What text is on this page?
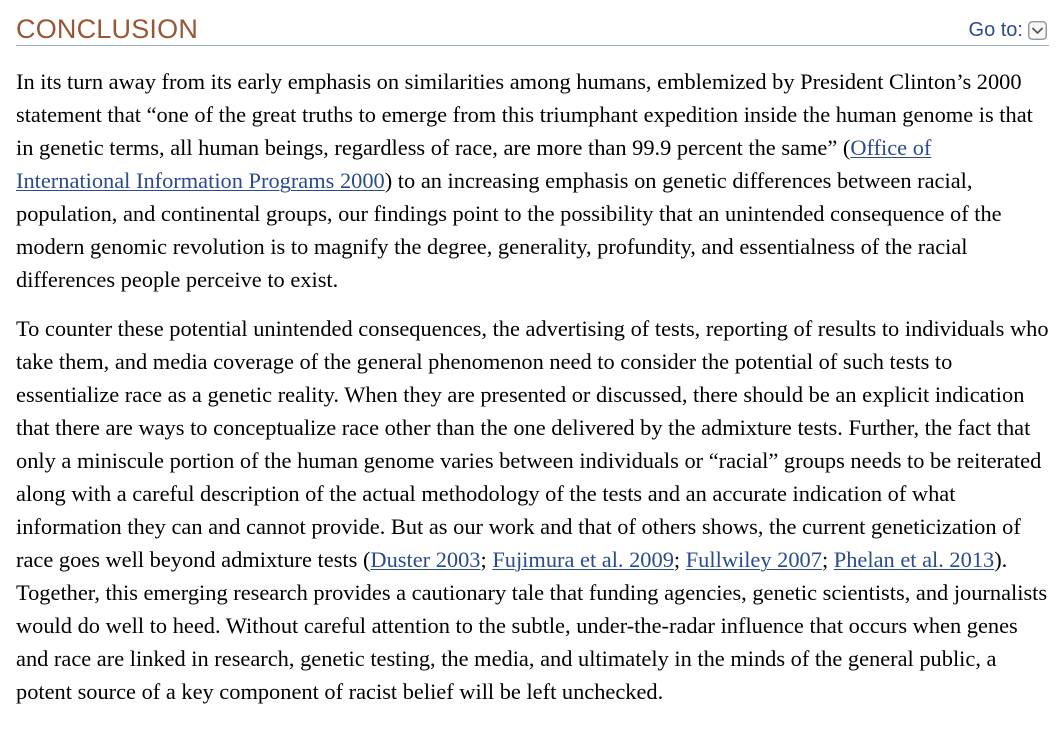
CONCLUSION	Go to:

In its turn away from its early emphasis on similarities among humans, emblemized by President Clinton’s 2000 statement that “one of the great truths to emerge from this triumphant expedition inside the human genome is that in genetic terms, all human beings, regardless of race, are more than 99.9 percent the same” (Office of International Information Programs 2000) to an increasing emphasis on genetic differences between racial, population, and continental groups, our findings point to the possibility that an unintended consequence of the modern genomic revolution is to magnify the degree, generality, profundity, and essentialness of the racial differences people perceive to exist.

To counter these potential unintended consequences, the advertising of tests, reporting of results to individuals who take them, and media coverage of the general phenomenon need to consider the potential of such tests to essentialize race as a genetic reality. When they are presented or discussed, there should be an explicit indication that there are ways to conceptualize race other than the one delivered by the admixture tests. Further, the fact that only a miniscule portion of the human genome varies between individuals or “racial” groups needs to be reiterated along with a careful description of the actual methodology of the tests and an accurate indication of what information they can and cannot provide. But as our work and that of others shows, the current geneticization of race goes well beyond admixture tests (Duster 2003; Fujimura et al. 2009; Fullwiley 2007; Phelan et al. 2013). Together, this emerging research provides a cautionary tale that funding agencies, genetic scientists, and journalists would do well to heed. Without careful attention to the subtle, under-the-radar influence that occurs when genes and race are linked in research, genetic testing, the media, and ultimately in the minds of the general public, a potent source of a key component of racist belief will be left unchecked.
